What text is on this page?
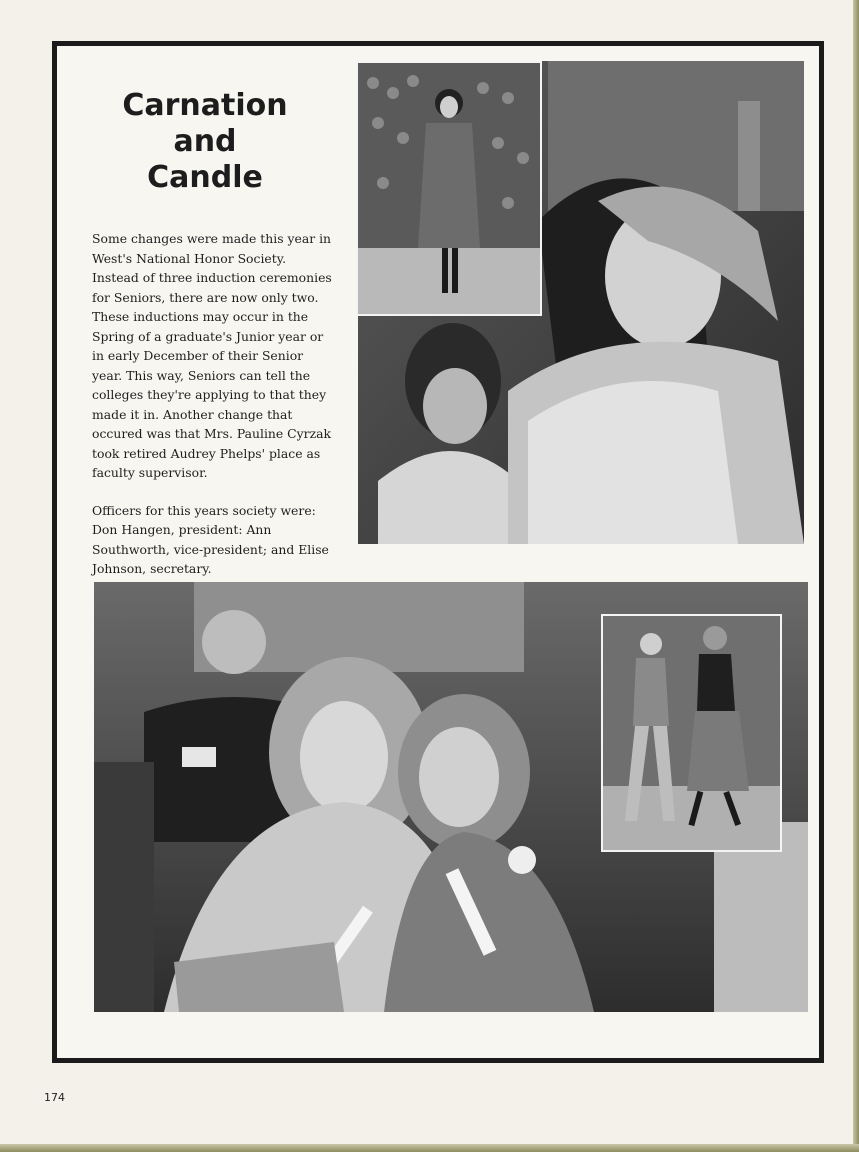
Carnation
and
Candle

Some changes were made this year in West's National Honor Society. Instead of three induction ceremonies for Seniors, there are now only two. These inductions may occur in the Spring of a graduate's Junior year or in early December of their Senior year. This way, Seniors can tell the colleges they're applying to that they made it in. Another change that occured was that Mrs. Pauline Cyrzak took retired Audrey Phelps' place as faculty supervisor.

Officers for this years society were: Don Hangen, president: Ann Southworth, vice-president; and Elise Johnson, secretary.

174
